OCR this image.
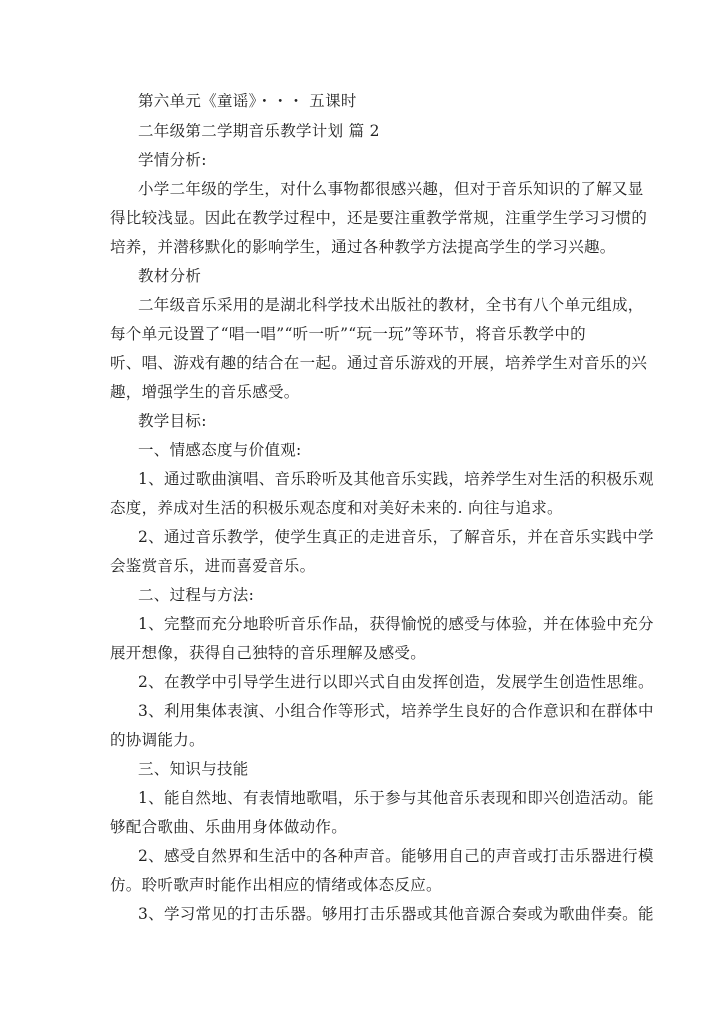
第六单元《童谣》・・・ 五课时
二年级第二学期音乐教学计划 篇 2
学情分析:
小学二年级的学生，对什么事物都很感兴趣，但对于音乐知识的了解又显
得比较浅显。因此在教学过程中，还是要注重教学常规，注重学生学习习惯的
培养，并潜移默化的影响学生，通过各种教学方法提高学生的学习兴趣。
教材分析
二年级音乐采用的是湖北科学技术出版社的教材，全书有八个单元组成，
每个单元设置了“唱一唱”“听一听”“玩一玩”等环节，将音乐教学中的
听、唱、游戏有趣的结合在一起。通过音乐游戏的开展，培养学生对音乐的兴
趣，增强学生的音乐感受。
教学目标:
一、情感态度与价值观:
1、通过歌曲演唱、音乐聆听及其他音乐实践，培养学生对生活的积极乐观
态度，养成对生活的积极乐观态度和对美好未来的. 向往与追求。
2、通过音乐教学，使学生真正的走进音乐，了解音乐，并在音乐实践中学
会鉴赏音乐，进而喜爱音乐。
二、过程与方法:
1、完整而充分地聆听音乐作品，获得愉悦的感受与体验，并在体验中充分
展开想像，获得自己独特的音乐理解及感受。
2、在教学中引导学生进行以即兴式自由发挥创造，发展学生创造性思维。
3、利用集体表演、小组合作等形式，培养学生良好的合作意识和在群体中
的协调能力。
三、知识与技能
1、能自然地、有表情地歌唱，乐于参与其他音乐表现和即兴创造活动。能
够配合歌曲、乐曲用身体做动作。
2、感受自然界和生活中的各种声音。能够用自己的声音或打击乐器进行模
仿。聆听歌声时能作出相应的情绪或体态反应。
3、学习常见的打击乐器。够用打击乐器或其他音源合奏或为歌曲伴奏。能
